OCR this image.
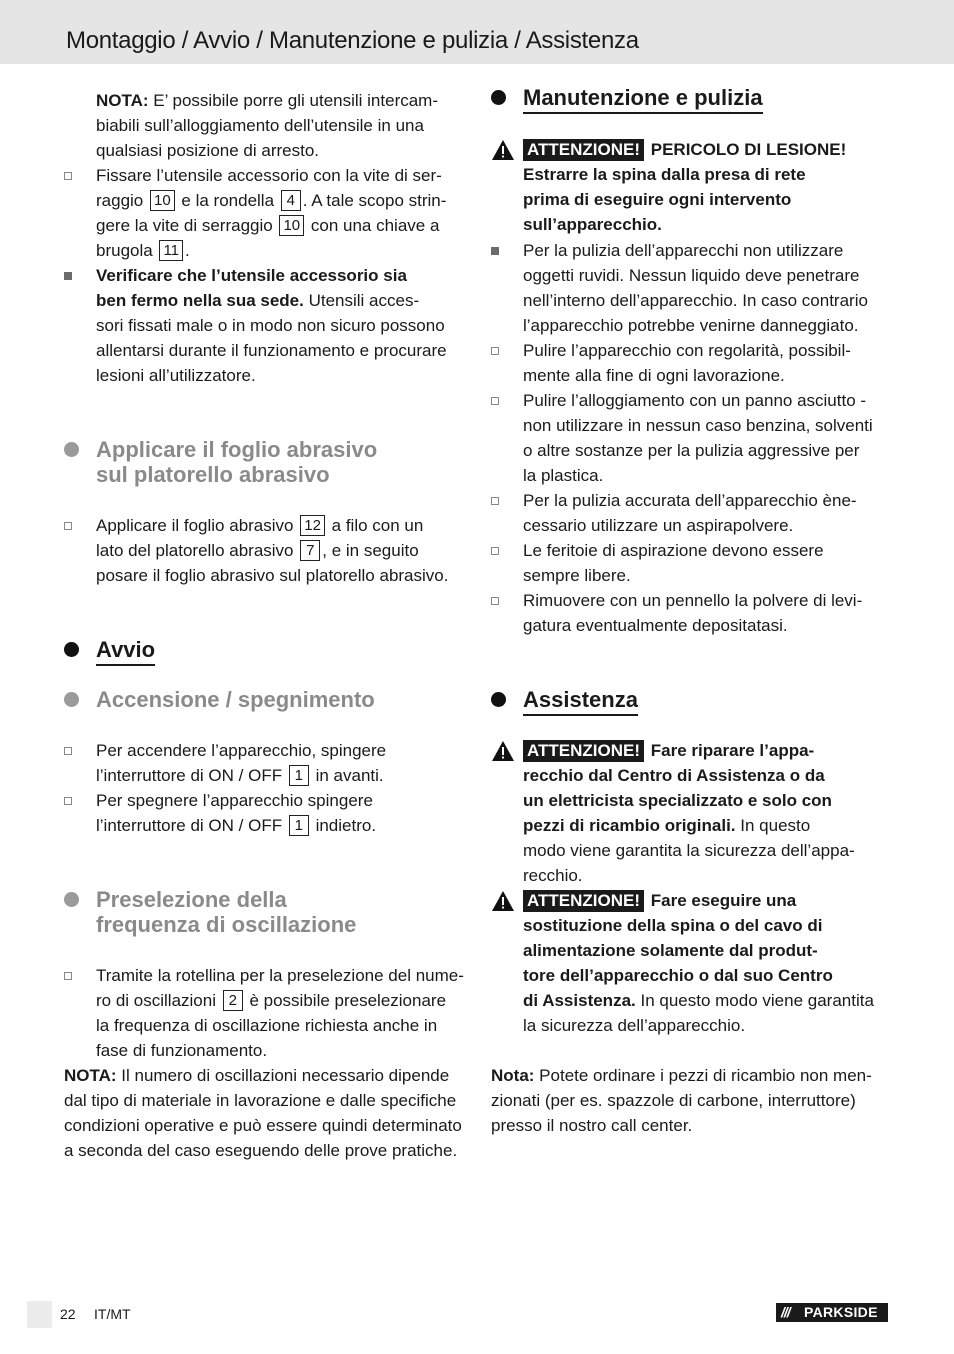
Montaggio / Avvio / Manutenzione e pulizia / Assistenza
NOTA: E’ possibile porre gli utensili intercam-
biabili sull’alloggiamento dell’utensile in una
qualsiasi posizione di arresto.
Fissare l’utensile accessorio con la vite di ser-
raggio 10 e la rondella 4 . A tale scopo strin-
gere la vite di serraggio 10 con una chiave a
brugola 11 .
Verificare che l’utensile accessorio sia
ben fermo nella sua sede. Utensili acces-
sori fissati male o in modo non sicuro possono
allentarsi durante il funzionamento e procurare
lesioni all’utilizzatore.
Applicare il foglio abrasivo
sul platorello abrasivo
Applicare il foglio abrasivo 12 a filo con un
lato del platorello abrasivo 7 , e in seguito
posare il foglio abrasivo sul platorello abrasivo.
Avvio
Accensione / spegnimento
Per accendere l’apparecchio, spingere
l’interruttore di ON / OFF 1 in avanti.
Per spegnere l’apparecchio spingere
l’interruttore di ON / OFF 1 indietro.
Preselezione della
frequenza di oscillazione
Tramite la rotellina per la preselezione del nume-
ro di oscillazioni 2 è possibile preselezionare
la frequenza di oscillazione richiesta anche in
fase di funzionamento.
NOTA: Il numero di oscillazioni necessario dipende
dal tipo di materiale in lavorazione e dalle specifiche
condizioni operative e può essere quindi determinato
a seconda del caso eseguendo delle prove pratiche.
Manutenzione e pulizia
ATTENZIONE! PERICOLO DI LESIONE!
Estrarre la spina dalla presa di rete
prima di eseguire ogni intervento
sull’apparecchio.
Per la pulizia dell’apparecchi non utilizzare
oggetti ruvidi. Nessun liquido deve penetrare
nell’interno dell’apparecchio. In caso contrario
l’apparecchio potrebbe venirne danneggiato.
Pulire l’apparecchio con regolarità, possibil-
mente alla fine di ogni lavorazione.
Pulire l’alloggiamento con un panno asciutto -
non utilizzare in nessun caso benzina, solventi
o altre sostanze per la pulizia aggressive per
la plastica.
Per la pulizia accurata dell’apparecchio ène-
cessario utilizzare un aspirapolvere.
Le feritoie di aspirazione devono essere
sempre libere.
Rimuovere con un pennello la polvere di levi-
gatura eventualmente depositatasi.
Assistenza
ATTENZIONE! Fare riparare l’appa-
recchio dal Centro di Assistenza o da
un elettricista specializzato e solo con
pezzi di ricambio originali. In questo
modo viene garantita la sicurezza dell’appa-
recchio.
ATTENZIONE! Fare eseguire una
sostituzione della spina o del cavo di
alimentazione solamente dal produt-
tore dell’apparecchio o dal suo Centro
di Assistenza. In questo modo viene garantita
la sicurezza dell’apparecchio.
Nota: Potete ordinare i pezzi di ricambio non men-
zionati (per es. spazzole di carbone, interruttore)
presso il nostro call center.
22 IT/MT	/// PARKSIDE
